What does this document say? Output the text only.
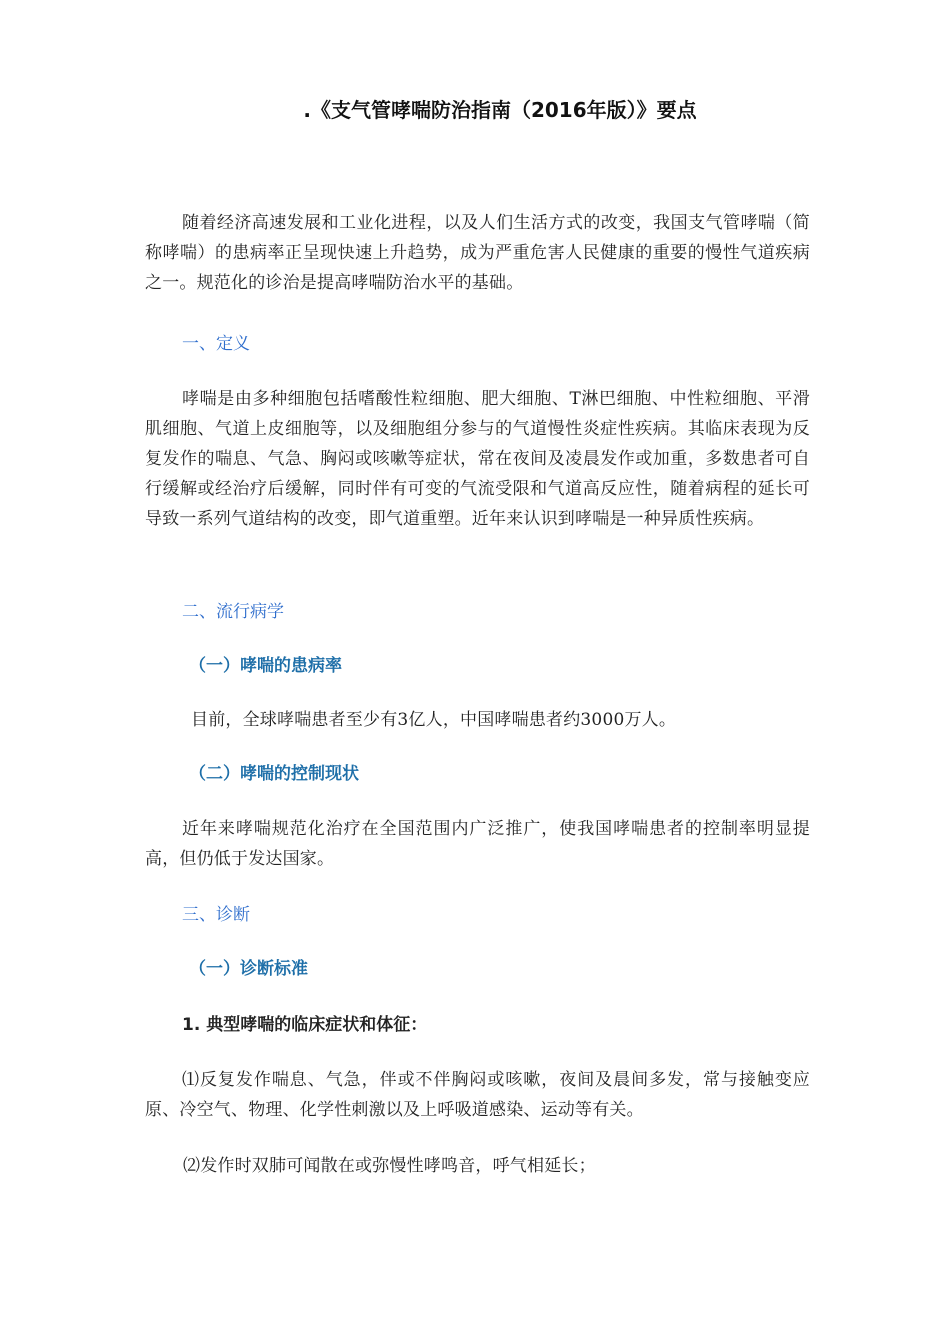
.《支气管哮喘防治指南（2016年版）》要点

随着经济高速发展和工业化进程，以及人们生活方式的改变，我国支气管哮喘（简称哮喘）的患病率正呈现快速上升趋势，成为严重危害人民健康的重要的慢性气道疾病之一。规范化的诊治是提高哮喘防治水平的基础。

一、定义

哮喘是由多种细胞包括嗜酸性粒细胞、肥大细胞、T淋巴细胞、中性粒细胞、平滑肌细胞、气道上皮细胞等，以及细胞组分参与的气道慢性炎症性疾病。其临床表现为反复发作的喘息、气急、胸闷或咳嗽等症状，常在夜间及凌晨发作或加重，多数患者可自行缓解或经治疗后缓解，同时伴有可变的气流受限和气道高反应性，随着病程的延长可导致一系列气道结构的改变，即气道重塑。近年来认识到哮喘是一种异质性疾病。

二、流行病学

（一）哮喘的患病率

目前，全球哮喘患者至少有3亿人，中国哮喘患者约3000万人。

（二）哮喘的控制现状

近年来哮喘规范化治疗在全国范围内广泛推广，使我国哮喘患者的控制率明显提高，但仍低于发达国家。

三、诊断

（一）诊断标准

1. 典型哮喘的临床症状和体征：

⑴反复发作喘息、气急，伴或不伴胸闷或咳嗽，夜间及晨间多发，常与接触变应原、冷空气、物理、化学性刺激以及上呼吸道感染、运动等有关。

⑵发作时双肺可闻散在或弥慢性哮鸣音，呼气相延长；
